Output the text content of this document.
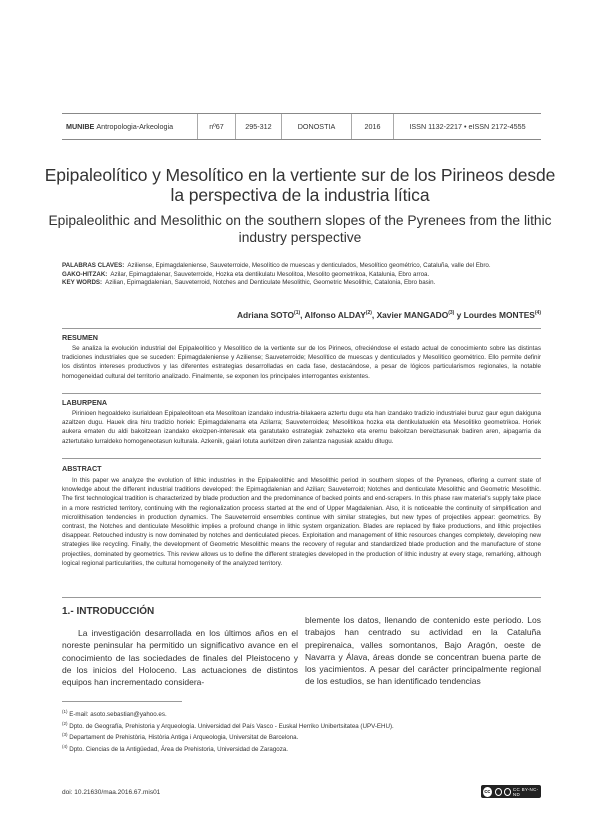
MUNIBE
Antropologia-Arkeologia	nº67	295-312	DONOSTIA	2016	ISSN 1132-2217 • eISSN 2172-4555
Epipaleolítico y Mesolítico en la vertiente sur de los Pirineos desde la perspectiva de la industria lítica
Epipaleolithic and Mesolithic on the southern slopes of the Pyrenees from the lithic industry perspective
PALABRAS CLAVES: Aziliense, Epimagdaleniense, Sauveterroide, Mesolítico de muescas y denticulados, Mesolítico geométrico, Cataluña, valle del Ebro.
GAKO-HITZAK: Azilar, Epimagdalenar, Sauveterroide, Hozka eta dentikulatu Mesolitoa, Mesolito geometrikoa, Katalunia, Ebro arroa.
KEY WORDS: Azilian, Epimagdalenian, Sauveterroid, Notches and Denticulate Mesolithic, Geometric Mesolithic, Catalonia, Ebro basin.
Adriana SOTO$^{(1)}$, Alfonso ALDAY$^{(2)}$, Xavier MANGADO$^{(3)}$ y Lourdes MONTES$^{(4)}$
RESUMEN
Se analiza la evolución industrial del Epipaleolítico y Mesolítico de la vertiente sur de los Pirineos, ofreciéndose el estado actual de conocimiento sobre las distintas tradiciones industriales que se suceden: Epimagdaleniense y Aziliense; Sauveterroide; Mesolítico de muescas y denticulados y Mesolítico geométrico. Ello permite definir los distintos intereses productivos y las diferentes estrategias desarrolladas en cada fase, destacándose, a pesar de lógicos particularismos regionales, la notable homogeneidad cultural del territorio analizado. Finalmente, se exponen los principales interrogantes existentes.
LABURPENA
Pirinioen hegoaldeko isurialdean Epipaleolitoan eta Mesolitoan izandako industria-bilakaera aztertu dugu eta han izandako tradizio industrialei buruz gaur egun dakiguna azaltzen dugu. Hauek dira hiru tradizio horiek: Epimagdalenarra eta Azilarra; Sauveterroidea; Mesolitikoa hozka eta dentikulatuekin eta Mesolitiko geometrikoa. Horiek aukera ematen du aldi bakoitzean izandako ekoizpen-interesak eta garatutako estrategiak zehazteko eta erernu bakoitzan bereiztasunak badiren aren, aipagarria da aztertutako lurraldeko homogeneotasun kulturala. Azkenik, gaiari lotuta aurkitzen diren zalantza nagusiak azaldu ditugu.
ABSTRACT
In this paper we analyze the evolution of lithic industries in the Epipaleolithic and Mesolithic period in southern slopes of the Pyrenees, offering a current state of knowledge about the different industrial traditions developed: the Epimagdalenian and Azilian; Sauveterroid; Notches and denticulate Mesolithic and Geometric Mesolithic. The first technological tradition is characterized by blade production and the predominance of backed points and end-scrapers. In this phase raw material's supply take place in a more restricted territory, continuing with the regionalization process started at the end of Upper Magdalenian. Also, it is noticeable the continuity of simplification and microlithisation tendencies in production dynamics. The Sauveterroid ensembles continue with similar strategies, but new types of projectiles appear: geometrics. By contrast, the Notches and denticulate Mesolithic implies a profound change in lithic system organization. Blades are replaced by flake productions, and lithic projectiles disappear. Retouched industry is now dominated by notches and denticulated pieces. Exploitation and management of lithic resources changes completely, developing new strategies like recycling. Finally, the development of Geometric Mesolithic means the recovery of regular and standardized blade production and the manufacture of stone projectiles, dominated by geometrics. This review allows us to define the different strategies developed in the production of lithic industry at every stage, remarking, although logical regional particularities, the cultural homogeneity of the analyzed territory.
1.- INTRODUCCIÓN
La investigación desarrollada en los últimos años en el noreste peninsular ha permitido un significativo avance en el conocimiento de las sociedades de finales del Pleistoceno y de los inicios del Holoceno. Las actuaciones de distintos equipos han incrementado considera-
blemente los datos, llenando de contenido este periodo. Los trabajos han centrado su actividad en la Cataluña prepirenaica, valles somontanos, Bajo Aragón, oeste de Navarra y Álava, áreas donde se concentran buena parte de los yacimientos. A pesar del carácter principalmente regional de los estudios, se han identificado tendencias
$^{(1)}$ E-mail: asoto.sebastian@yahoo.es.
$^{(2)}$ Dpto. de Geografía, Prehistoria y Arqueología. Universidad del País Vasco - Euskal Herriko Unibertsitatea (UPV-EHU).
$^{(3)}$ Departament de Prehistòria, Història Antiga i Arqueologia, Universitat de Barcelona.
$^{(4)}$ Dpto. Ciencias de la Antigüedad, Área de Prehistoria, Universidad de Zaragoza.
doi: 10.21630/maa.2016.67.mis01	cc	CC BY-NC-ND
